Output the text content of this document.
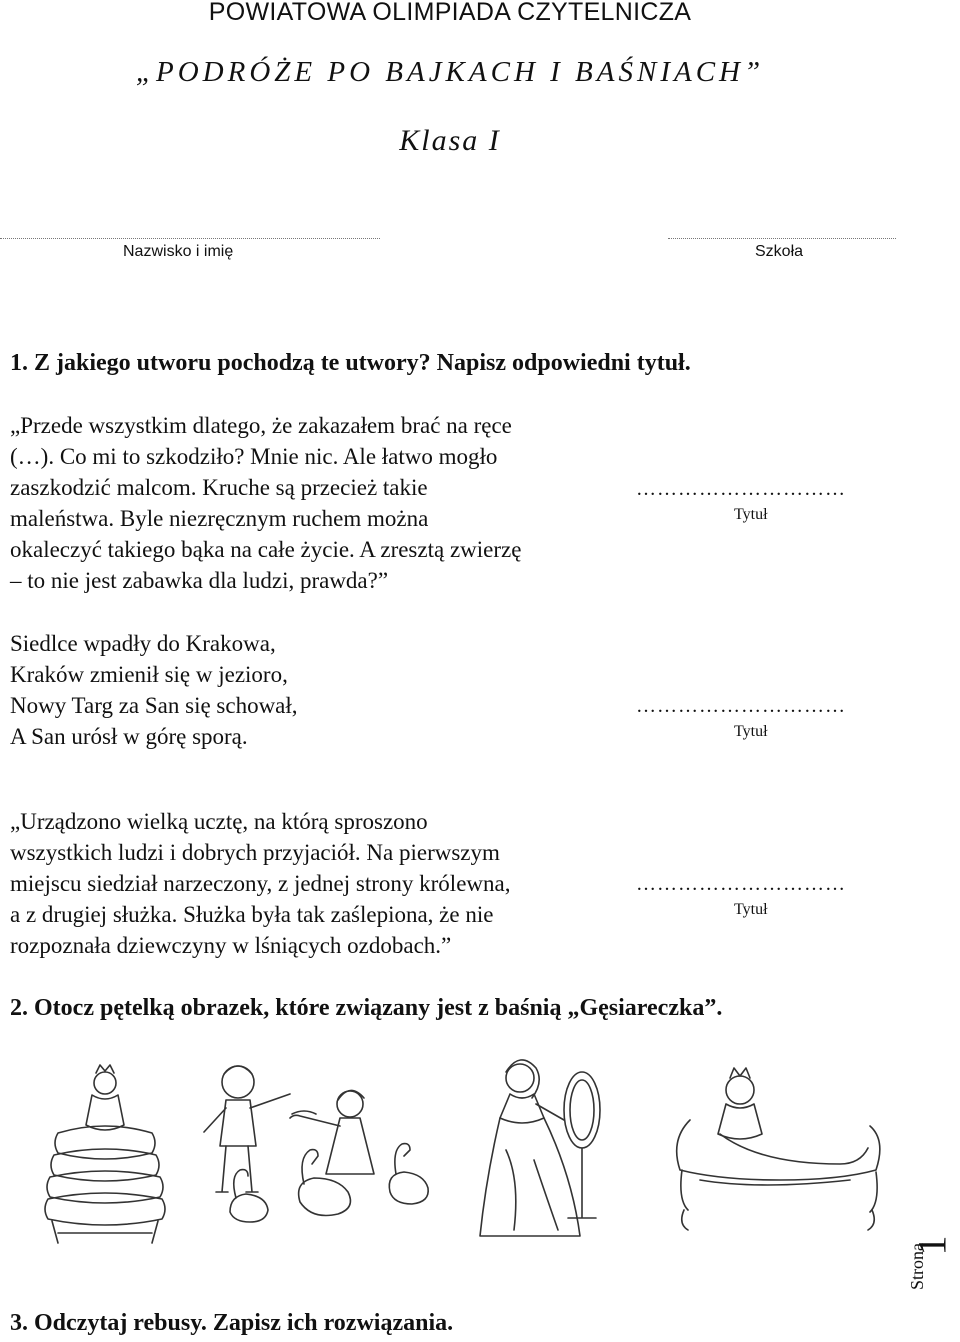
POWIATOWA OLIMPIADA CZYTELNICZA
„PODRÓŻE PO BAJKACH I BAŚNIACH”
Klasa I
Nazwisko i imię	Szkoła
1. Z jakiego utworu pochodzą te utwory? Napisz odpowiedni tytuł.
„Przede wszystkim dlatego, że zakazałem brać na ręce
(…). Co mi to szkodziło? Mnie nic. Ale łatwo mogło
zaszkodzić malcom. Kruche są przecież takie
maleństwa. Byle niezręcznym ruchem można
okaleczyć takiego bąka na całe życie. A zresztą zwierzę
– to nie jest zabawka dla ludzi, prawda?”
…………………………
Tytuł
Siedlce wpadły do Krakowa,
Kraków zmienił się w jezioro,
Nowy Targ za San się schował,
A San urósł w górę sporą.
…………………………
Tytuł
„Urządzono wielką ucztę, na którą sproszono
wszystkich ludzi i dobrych przyjaciół. Na pierwszym
miejscu siedział narzeczony, z jednej strony królewna,
a z drugiej służka. Służka była tak zaślepiona, że nie
rozpoznała dziewczyny w lśniących ozdobach.”
…………………………
Tytuł
2. Otocz pętelką obrazek, które związany jest z baśnią „Gęsiareczka”.
3. Odczytaj rebusy. Zapisz ich rozwiązania.
Strona
1
